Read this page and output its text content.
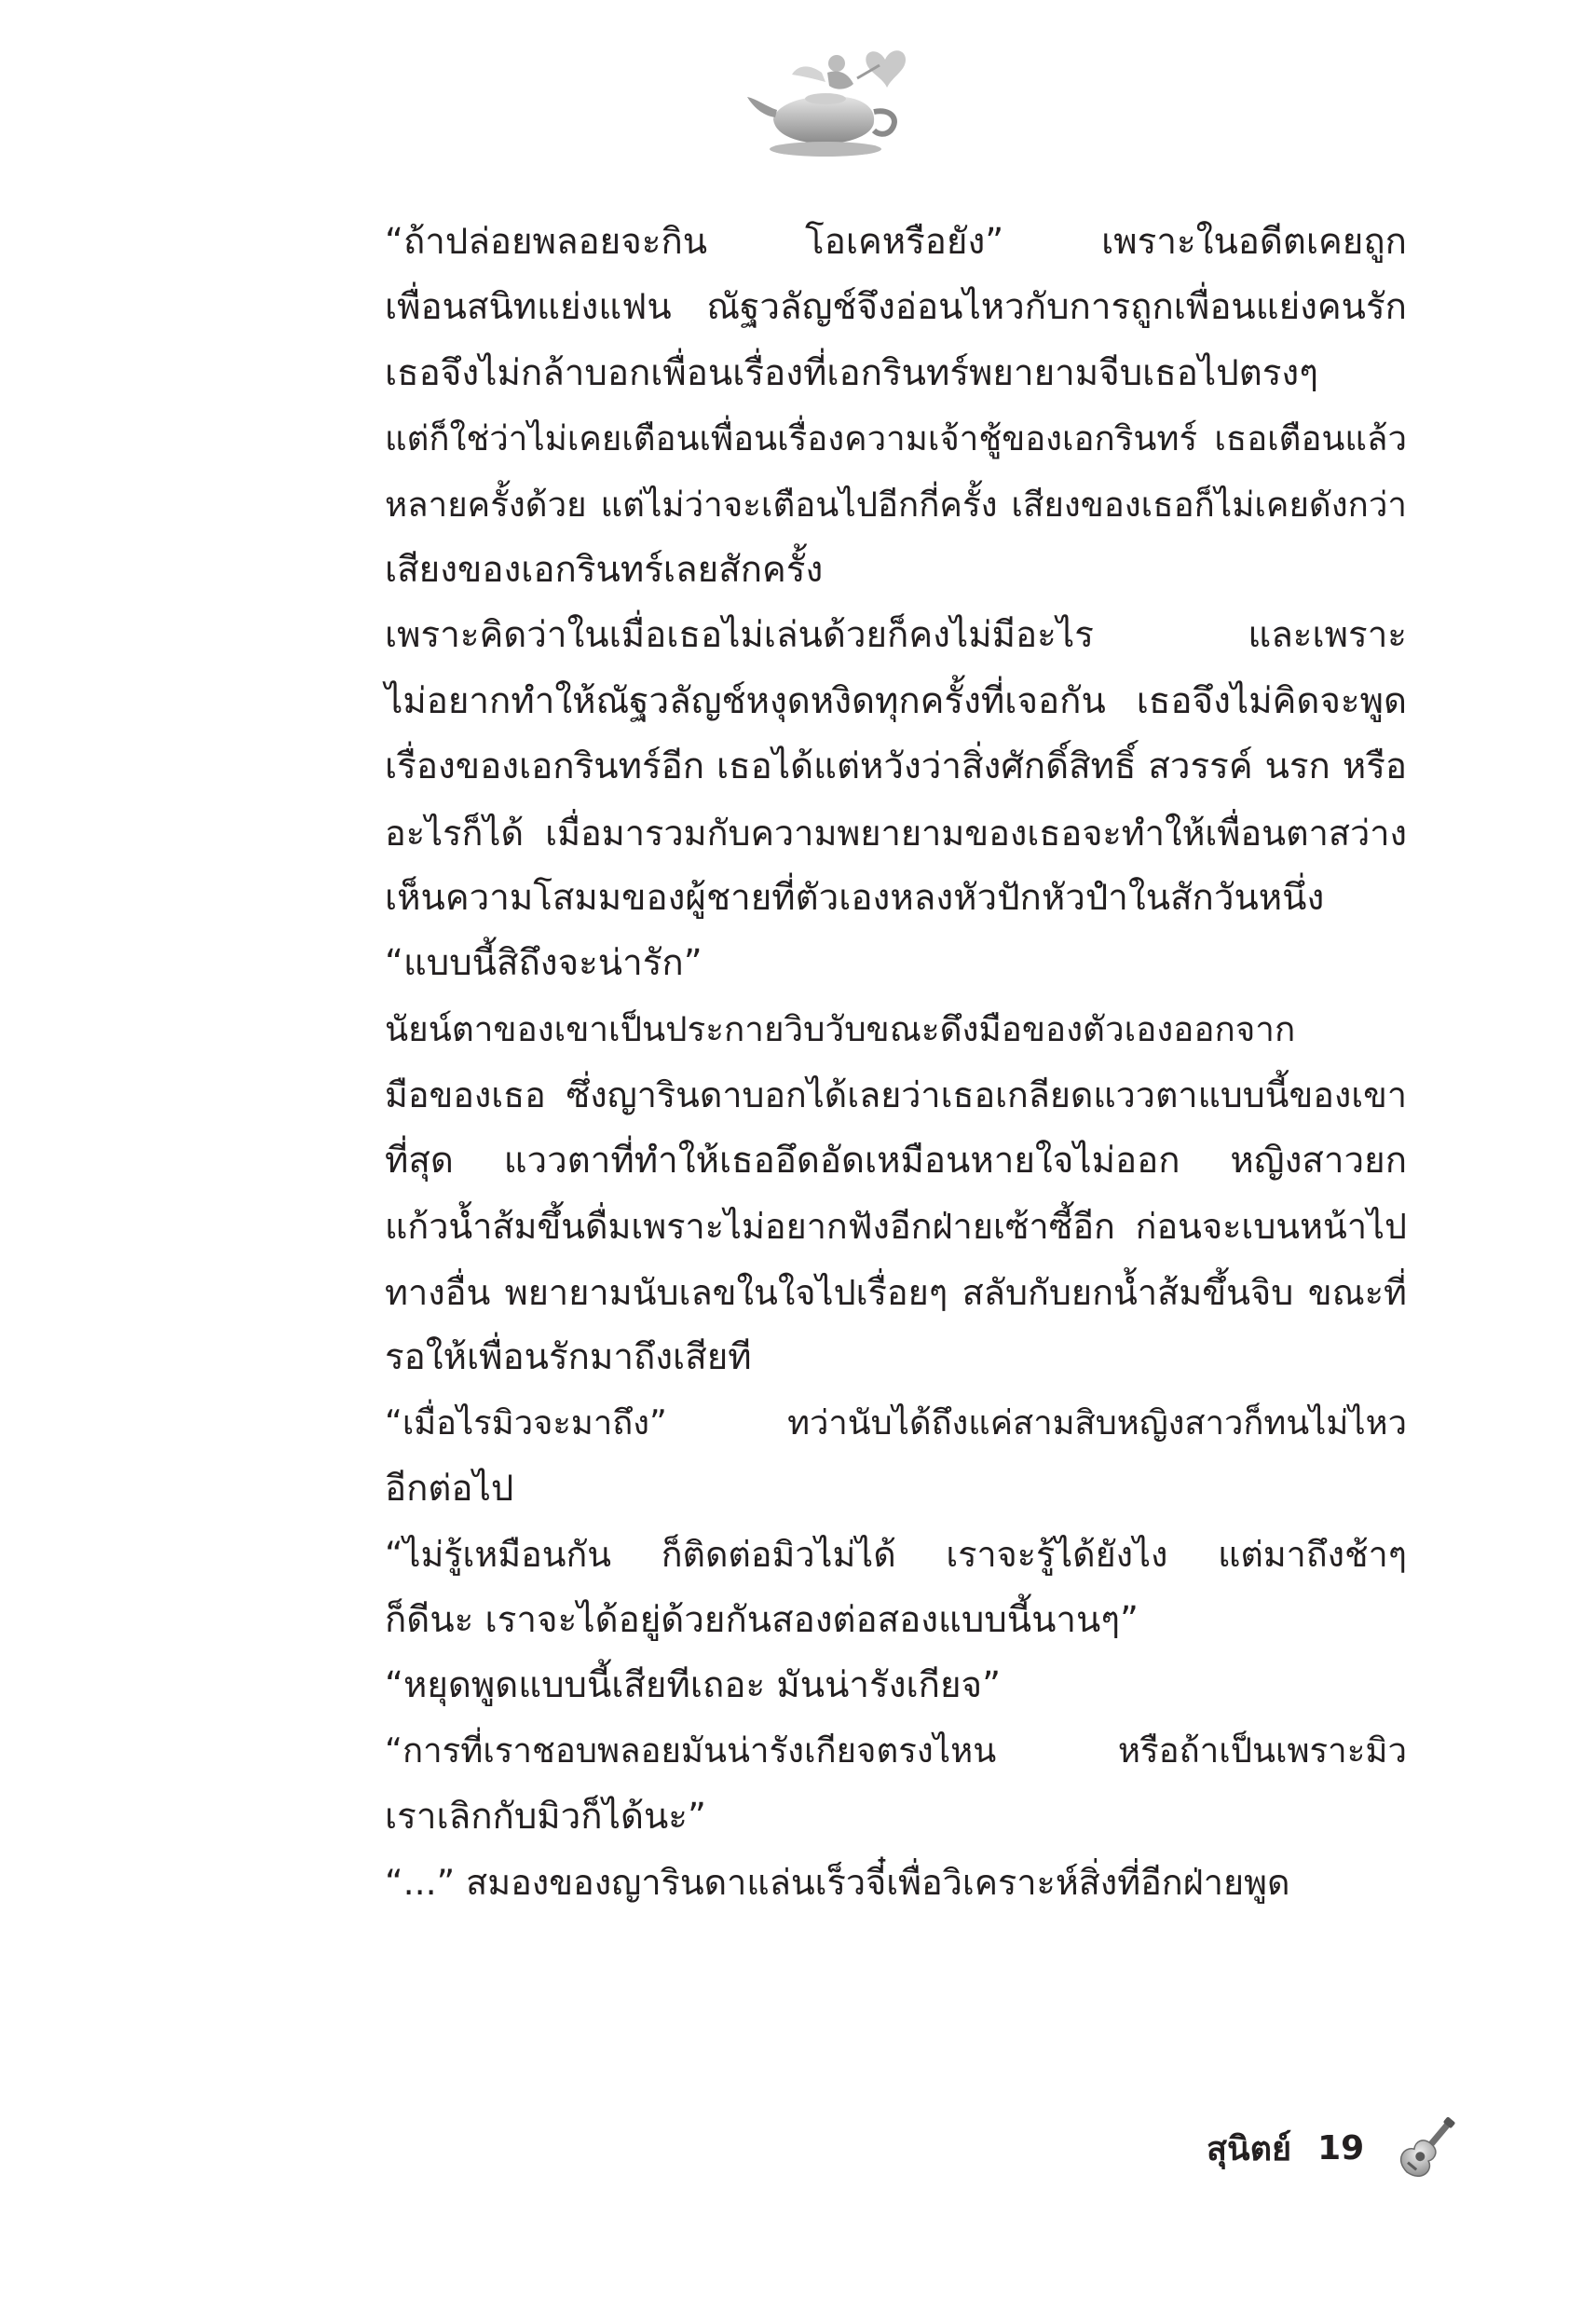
“ถ้าปล่อยพลอยจะกิน โอเคหรือยัง” เพราะในอดีตเคยถูก
เพื่อนสนิทแย่งแฟน ณัฐวลัญช์จึงอ่อนไหวกับการถูกเพื่อนแย่งคนรัก
เธอจึงไม่กล้าบอกเพื่อนเรื่องที่เอกรินทร์พยายามจีบเธอไปตรงๆ
แต่ก็ใช่ว่าไม่เคยเตือนเพื่อนเรื่องความเจ้าชู้ของเอกรินทร์ เธอเตือนแล้ว
หลายครั้งด้วย แต่ไม่ว่าจะเตือนไปอีกกี่ครั้ง เสียงของเธอก็ไม่เคยดังกว่า
เสียงของเอกรินทร์เลยสักครั้ง

เพราะคิดว่าในเมื่อเธอไม่เล่นด้วยก็คงไม่มีอะไร และเพราะ
ไม่อยากทำให้ณัฐวลัญช์หงุดหงิดทุกครั้งที่เจอกัน เธอจึงไม่คิดจะพูด
เรื่องของเอกรินทร์อีก เธอได้แต่หวังว่าสิ่งศักดิ์สิทธิ์ สวรรค์ นรก หรือ
อะไรก็ได้ เมื่อมารวมกับความพยายามของเธอจะทำให้เพื่อนตาสว่าง
เห็นความโสมมของผู้ชายที่ตัวเองหลงหัวปักหัวปำในสักวันหนึ่ง

“แบบนี้สิถึงจะน่ารัก”

นัยน์ตาของเขาเป็นประกายวิบวับขณะดึงมือของตัวเองออกจาก
มือของเธอ ซึ่งญารินดาบอกได้เลยว่าเธอเกลียดแววตาแบบนี้ของเขา
ที่สุด แววตาที่ทำให้เธออึดอัดเหมือนหายใจไม่ออก หญิงสาวยก
แก้วน้ำส้มขึ้นดื่มเพราะไม่อยากฟังอีกฝ่ายเซ้าซี้อีก ก่อนจะเบนหน้าไป
ทางอื่น พยายามนับเลขในใจไปเรื่อยๆ สลับกับยกน้ำส้มขึ้นจิบ ขณะที่
รอให้เพื่อนรักมาถึงเสียที

“เมื่อไรมิวจะมาถึง” ทว่านับได้ถึงแค่สามสิบหญิงสาวก็ทนไม่ไหว
อีกต่อไป

“ไม่รู้เหมือนกัน ก็ติดต่อมิวไม่ได้ เราจะรู้ได้ยังไง แต่มาถึงช้าๆ
ก็ดีนะ เราจะได้อยู่ด้วยกันสองต่อสองแบบนี้นานๆ”

“หยุดพูดแบบนี้เสียทีเถอะ มันน่ารังเกียจ”

“การที่เราชอบพลอยมันน่ารังเกียจตรงไหน หรือถ้าเป็นเพราะมิว
เราเลิกกับมิวก็ได้นะ”

“...” สมองของญารินดาแล่นเร็วจี๋เพื่อวิเคราะห์สิ่งที่อีกฝ่ายพูด

สุนิตย์ 19
